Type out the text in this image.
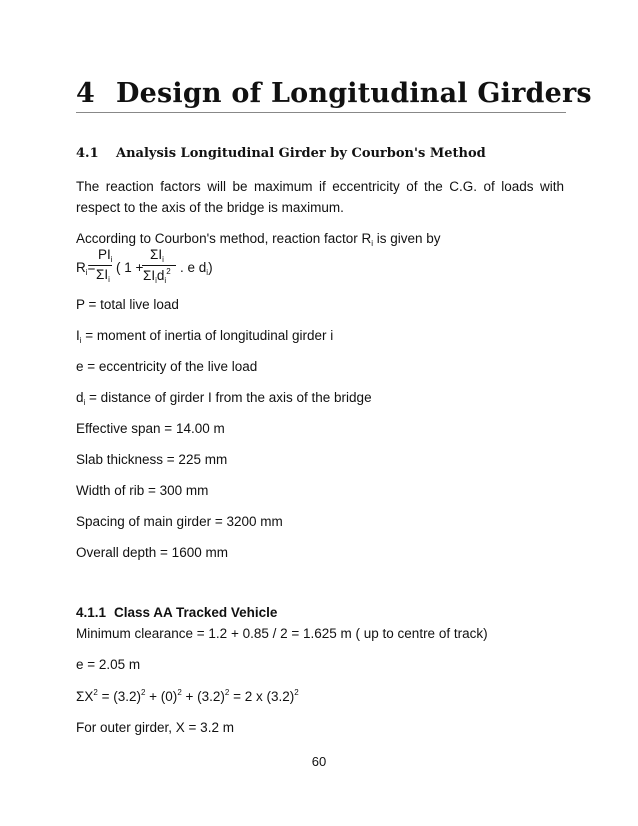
4 Design of Longitudinal Girders
4.1 Analysis Longitudinal Girder by Courbon's Method
The reaction factors will be maximum if eccentricity of the C.G. of loads with respect to the axis of the bridge is maximum.
According to Courbon's method, reaction factor $R_i$ is given by
$R_i=$
$PI_i$
$\Sigma I_i$
( 1 +
$\Sigma I_i$
$\Sigma I_id_i^2$ . e $d_i$)
P = total live load
$I_i$ = moment of inertia of longitudinal girder i
e = eccentricity of the live load
$d_i$ = distance of girder I from the axis of the bridge
Effective span = 14.00 m
Slab thickness = 225 mm
Width of rib = 300 mm
Spacing of main girder = 3200 mm
Overall depth = 1600 mm
4.1.1 Class AA Tracked Vehicle
Minimum clearance = 1.2 + 0.85 / 2 = 1.625 m ( up to centre of track)
e = 2.05 m
$\Sigma X^2 = (3.2)^2 + (0)^2 + (3.2)^2 = 2$ x $(3.2)^2$
For outer girder, X = 3.2 m
60
